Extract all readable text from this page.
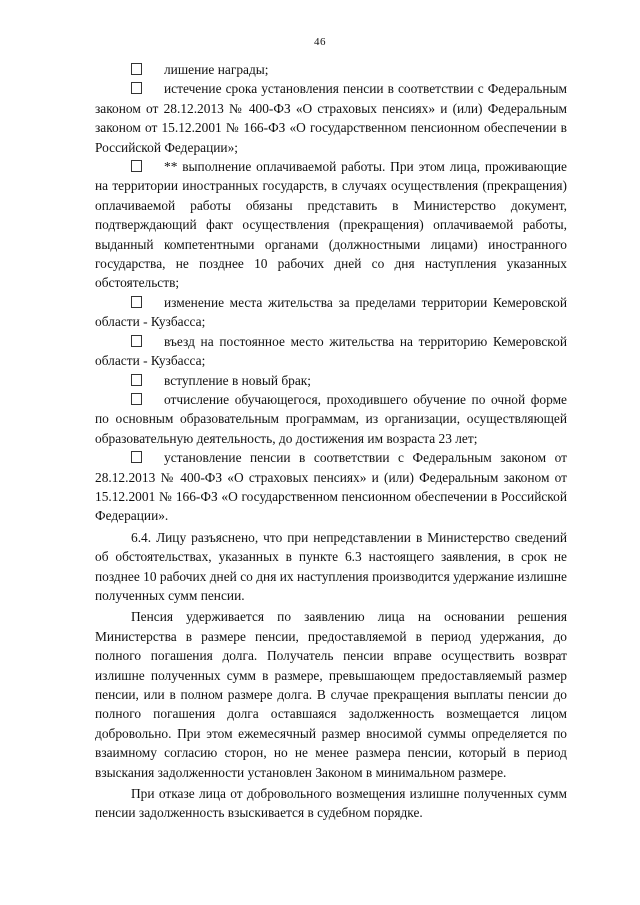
46

лишение награды;

истечение срока установления пенсии в соответствии с Федеральным законом от 28.12.2013 № 400-ФЗ «О страховых пенсиях» и (или) Федеральным законом от 15.12.2001 № 166-ФЗ «О государственном пенсионном обеспечении в Российской Федерации»;

** выполнение оплачиваемой работы. При этом лица, проживающие на территории иностранных государств, в случаях осуществления (прекращения) оплачиваемой работы обязаны представить в Министерство документ, подтверждающий факт осуществления (прекращения) оплачиваемой работы, выданный компетентными органами (должностными лицами) иностранного государства, не позднее 10 рабочих дней со дня наступления указанных обстоятельств;

изменение места жительства за пределами территории Кемеровской области - Кузбасса;

въезд на постоянное место жительства на территорию Кемеровской области - Кузбасса;

вступление в новый брак;

отчисление обучающегося, проходившего обучение по очной форме по основным образовательным программам, из организации, осуществляющей образовательную деятельность, до достижения им возраста 23 лет;

установление пенсии в соответствии с Федеральным законом от 28.12.2013 № 400-ФЗ «О страховых пенсиях» и (или) Федеральным законом от 15.12.2001 № 166-ФЗ «О государственном пенсионном обеспечении в Российской Федерации».

6.4. Лицу разъяснено, что при непредставлении в Министерство сведений об обстоятельствах, указанных в пункте 6.3 настоящего заявления, в срок не позднее 10 рабочих дней со дня их наступления производится удержание излишне полученных сумм пенсии.

Пенсия удерживается по заявлению лица на основании решения Министерства в размере пенсии, предоставляемой в период удержания, до полного погашения долга. Получатель пенсии вправе осуществить возврат излишне полученных сумм в размере, превышающем предоставляемый размер пенсии, или в полном размере долга. В случае прекращения выплаты пенсии до полного погашения долга оставшаяся задолженность возмещается лицом добровольно. При этом ежемесячный размер вносимой суммы определяется по взаимному согласию сторон, но не менее размера пенсии, который в период взыскания задолженности установлен Законом в минимальном размере.

При отказе лица от добровольного возмещения излишне полученных сумм пенсии задолженность взыскивается в судебном порядке.
